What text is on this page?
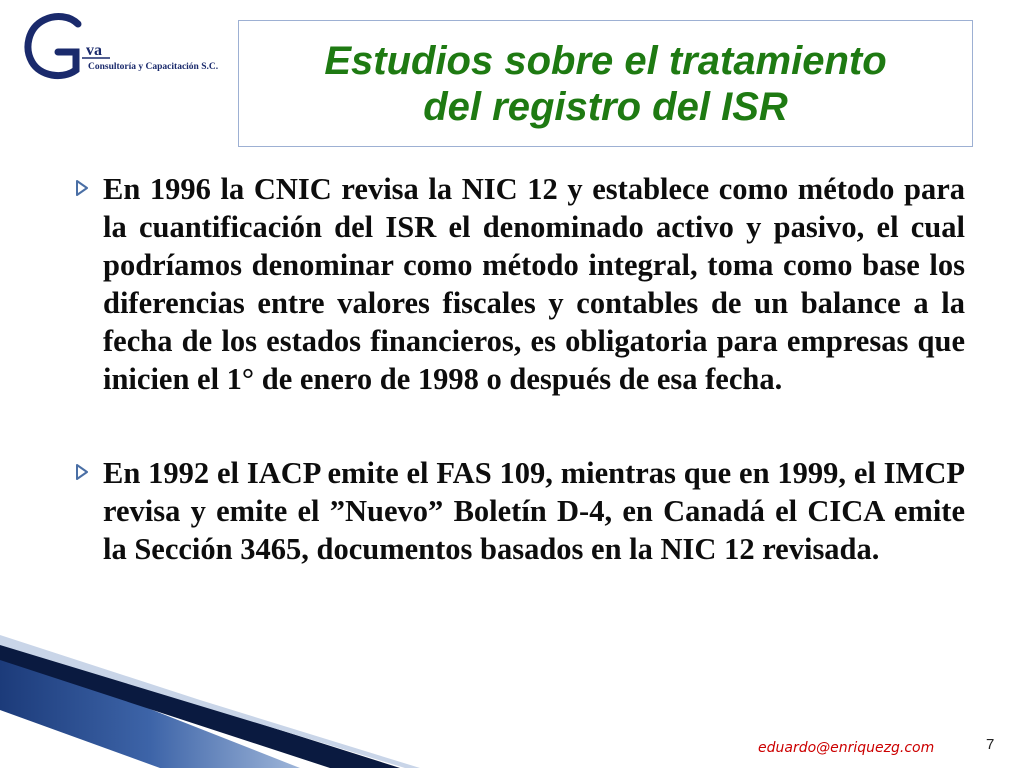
va
Consultoría y Capacitación S.C.	Estudios sobre el tratamiento
del registro del ISR

En 1996 la CNIC revisa la NIC 12 y establece como método para la cuantificación del ISR el denominado activo y pasivo, el cual podríamos denominar como método integral, toma como base los diferencias entre valores fiscales y contables de un balance a la fecha de los estados financieros, es obligatoria para empresas que inicien el 1° de enero de 1998 o después de esa fecha.

En 1992 el IACP emite el FAS 109, mientras que en 1999, el IMCP revisa y emite el ”Nuevo” Boletín D-4, en Canadá el CICA emite la Sección 3465, documentos basados en la NIC 12 revisada.

eduardo@enriquezg.com	7
